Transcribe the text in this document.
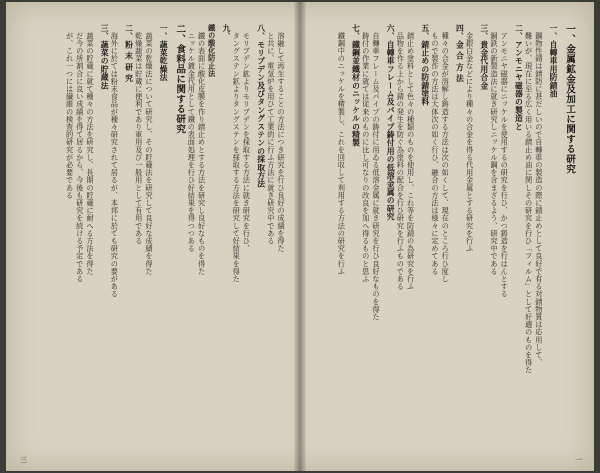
溶融して再生することの方法につき研究を行ひ良好の成績を得た
と共に、電気炉を用ひて工業的に行ふ方法に就き研究中である
八、モリブデン及びタングステンの採取方法
モリブデン鉱よりモリブデンを採取する方法に就き研究を行ひ、
タングステン鉱よりタングステンを採取する方法を研究して好結果を得た
九、
鐵の酸化防止法
鐵の表面に酸化皮膜を作り錆止めとする方法を研究し良好なものを得た
ニッケル鍍金代用として鐵の表面処理を行ひ好結果を得つつある
二、食料品に関する研究
一、蔬菜乾燥法
蔬菜の乾燥法について研究し、その貯蔵法を研究して良好な成績を得た
乾燥蔬菜は貯蔵に便利であり軍用及び一般用として有用である
二、粉 末 研 究
海外に於ては粉末食品が種々研究されて居るが、本邦に於ても研究の要がある
三、蔬菜の貯蔵法
蔬菜の貯蔵に就て種々の方法を研究し、長期の貯蔵に耐へる方法を得た
だ今の所割合に良い成績を得て居るから、今後も研究を続ける予定である
が、これ一つには繊維の検査的研究が必要である
三
一、金属鉱金及加工に関する研究
一、自轉車用防錆油
鋼物性錆は錆防に甚だしいので自轉車の製造の際に錆止めとして良好で有る対錆物質は応用して、
難いが、現在に至る広く用いる錆止め油に関しその研究を行ひ「フィルム」として好適のものを得た
二、アンモニヤ磁器の製造と
アンモニヤ磁器にニッケルを使用するの研究を行ひ、かつ鋳造を行はんとする
銅鉄の新製造法に就き研究しニッケル鋼を含まざるよう、研究中である
三、貴金代用合金
金銀白金などにより種々の合金を得る代用金属とする研究を行ふ
四、金 合 方 法
種々の合金が溶解し鋳造する方法は次の如くして、現在のところ行ひ度し
もので製作の方法は大体次の如く行ひ、融合の方法は様々に定めてある
五、錆止めの防錆塗料
錆止め塗料として色々の種類のものを使用し、これ等を防錆の為研究を行ふ
品物を作る上から錆の発生を防ぐ為塗料の配合を行ひ研究を行ふものである
六、自轉車フレーム及パイプ鋳付用の低溶金属の研究
自轉車フレーム及パイプの鋳付に用ゐる低溶金属に就き研究を行ひ良好なものを得た
鋳付の作業に就ては従来のものに比し可なりの改良を加へ得るものと思ふ
七、鐵鋼並鐵材のニッケルの精製
鐵鋼中のニッケルを精製し、これを回収して利用する方法の研究を行ふ
一
